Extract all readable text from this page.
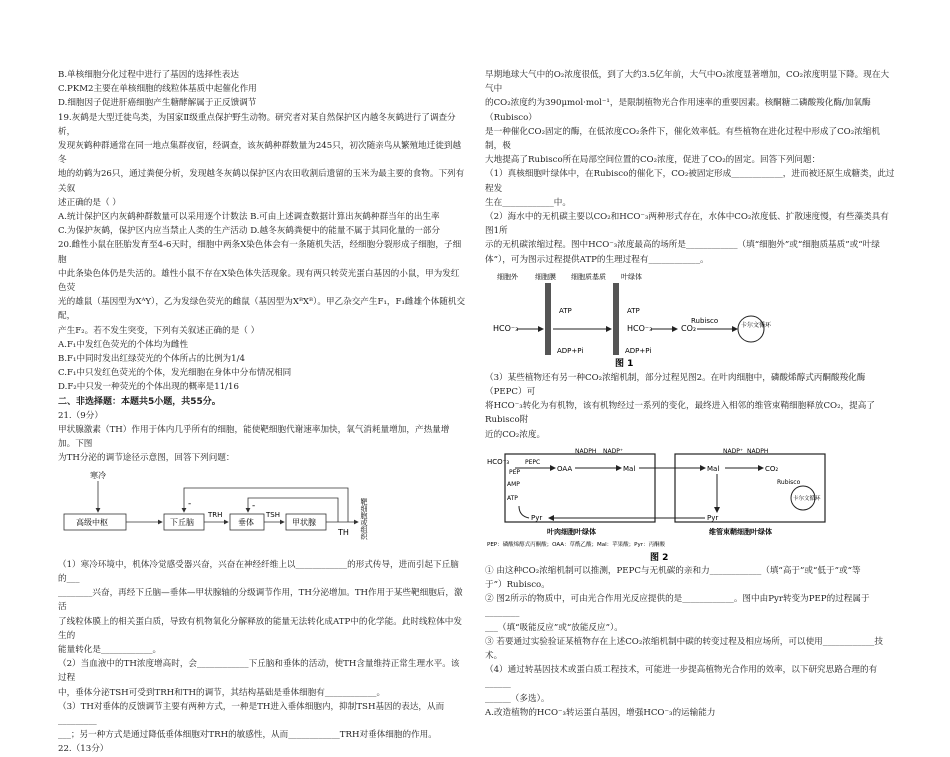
B.单核细胞分化过程中进行了基因的选择性表达

C.PKM2主要在单核细胞的线粒体基质中起催化作用

D.细胞因子促进肝癌细胞产生糖酵解属于正反馈调节

19.灰鹤是大型迁徙鸟类，为国家Ⅱ级重点保护野生动物。研究者对某自然保护区内越冬灰鹤进行了调查分析，

发现灰鹤种群通常在同一地点集群夜宿，经调查，该灰鹤种群数量为245只，初次随亲鸟从繁殖地迁徙到越冬

地的幼鹤为26只，通过粪便分析，发现越冬灰鹤以保护区内农田收割后遗留的玉米为最主要的食物。下列有关叙

述正确的是（ ）

A.统计保护区内灰鹤种群数量可以采用逐个计数法 B.可由上述调查数据计算出灰鹤种群当年的出生率

C.为保护灰鹤，保护区内应当禁止人类的生产活动 D.越冬灰鹤粪便中的能量不属于其同化量的一部分

20.雌性小鼠在胚胎发育至4-6天时，细胞中两条X染色体会有一条随机失活，经细胞分裂形成子细胞，子细胞

中此条染色体仍是失活的。雄性小鼠不存在X染色体失活现象。现有两只转荧光蛋白基因的小鼠，甲为发红色荧

光的雄鼠（基因型为XᴬY），乙为发绿色荧光的雌鼠（基因型为XᴮXᴮ）。甲乙杂交产生F₁，F₁雌雄个体随机交配，

产生F₂。若不发生突变，下列有关叙述正确的是（ ）

A.F₁中发红色荧光的个体均为雌性

B.F₁中同时发出红绿荧光的个体所占的比例为1/4

C.F₁中只发红色荧光的个体，发光细胞在身体中分布情况相同

D.F₂中只发一种荧光的个体出现的概率是11/16

二、非选择题：本题共5小题，共55分。

21.（9分）

甲状腺激素（TH）作用于体内几乎所有的细胞，能使靶细胞代谢速率加快，氧气消耗量增加，产热量增加。下图

为TH分泌的调节途径示意图，回答下列问题：

寒冷
高级中枢	下丘脑
TRH
垂体
TSH
甲状腺
TH 靶细胞或组织
-	-

（1）寒冷环境中，机体冷觉感受器兴奋，兴奋在神经纤维上以____________的形式传导，进而引起下丘脑的___

________兴奋，再经下丘脑—垂体—甲状腺轴的分级调节作用，TH分泌增加。TH作用于某些靶细胞后，激活

了线粒体膜上的相关蛋白质，导致有机物氧化分解释放的能量无法转化成ATP中的化学能。此时线粒体中发生的

能量转化是____________。

（2）当血液中的TH浓度增高时，会____________下丘脑和垂体的活动，使TH含量维持正常生理水平。该过程

中，垂体分泌TSH可受到TRH和TH的调节，其结构基础是垂体细胞有____________。

（3）TH对垂体的反馈调节主要有两种方式，一种是TH进入垂体细胞内，抑制TSH基因的表达，从而_________

___；另一种方式是通过降低垂体细胞对TRH的敏感性，从而____________TRH对垂体细胞的作用。

22.（13分）

早期地球大气中的O₂浓度很低，到了大约3.5亿年前，大气中O₂浓度显著增加，CO₂浓度明显下降。现在大气中

的CO₂浓度约为390μmol·mol⁻¹，是限制植物光合作用速率的重要因素。核酮糖二磷酸羧化酶/加氧酶（Rubisco）

是一种催化CO₂固定的酶，在低浓度CO₂条件下，催化效率低。有些植物在进化过程中形成了CO₂浓缩机制，极

大地提高了Rubisco所在局部空间位置的CO₂浓度，促进了CO₂的固定。回答下列问题：

（1）真核细胞叶绿体中，在Rubisco的催化下，CO₂被固定形成____________，进而被还原生成糖类，此过程发

生在____________中。

（2）海水中的无机碳主要以CO₂和HCO⁻₃两种形式存在，水体中CO₂浓度低、扩散速度慢，有些藻类具有图1所

示的无机碳浓缩过程。图中HCO⁻₃浓度最高的场所是____________（填“细胞外”或“细胞质基质”或“叶绿

体”），可为图示过程提供ATP的生理过程有____________。

细胞外 细胞膜 细胞质基质 叶绿体
HCO⁻₃
ATP
ADP+Pi
ATP
ADP+Pi
HCO⁻₃	CO₂
Rubisco
卡尔文循环
图 1

（3）某些植物还有另一种CO₂浓缩机制，部分过程见图2。在叶肉细胞中，磷酸烯醇式丙酮酸羧化酶（PEPC）可

将HCO⁻₃转化为有机物，该有机物经过一系列的变化，最终进入相邻的维管束鞘细胞释放CO₂，提高了Rubisco附

近的CO₂浓度。

HCO⁻₃
PEP
PEPC
OAA
NADPH NADP⁺
Mal	Mal
NADP⁺ NADPH
CO₂
Rubisco
卡尔文循环
AMP
ATP
Pyr	Pyr
叶肉细胞叶绿体	维管束鞘细胞叶绿体
PEP：磷酸烯醇式丙酮酸；OAA：草酰乙酸；Mal：苹果酸；Pyr：丙酮酸
图 2

① 由这种CO₂浓缩机制可以推测，PEPC与无机碳的亲和力____________（填“高于”或“低于”或“等

于”）Rubisco。

② 图2所示的物质中，可由光合作用光反应提供的是____________。图中由Pyr转变为PEP的过程属于________

___（填“吸能反应”或“放能反应”）。

③ 若要通过实验验证某植物存在上述CO₂浓缩机制中碳的转变过程及相应场所，可以使用____________技术。

（4）通过转基因技术或蛋白质工程技术，可能进一步提高植物光合作用的效率，以下研究思路合理的有______

______（多选）。

A.改造植物的HCO⁻₃转运蛋白基因，增强HCO⁻₃的运输能力
